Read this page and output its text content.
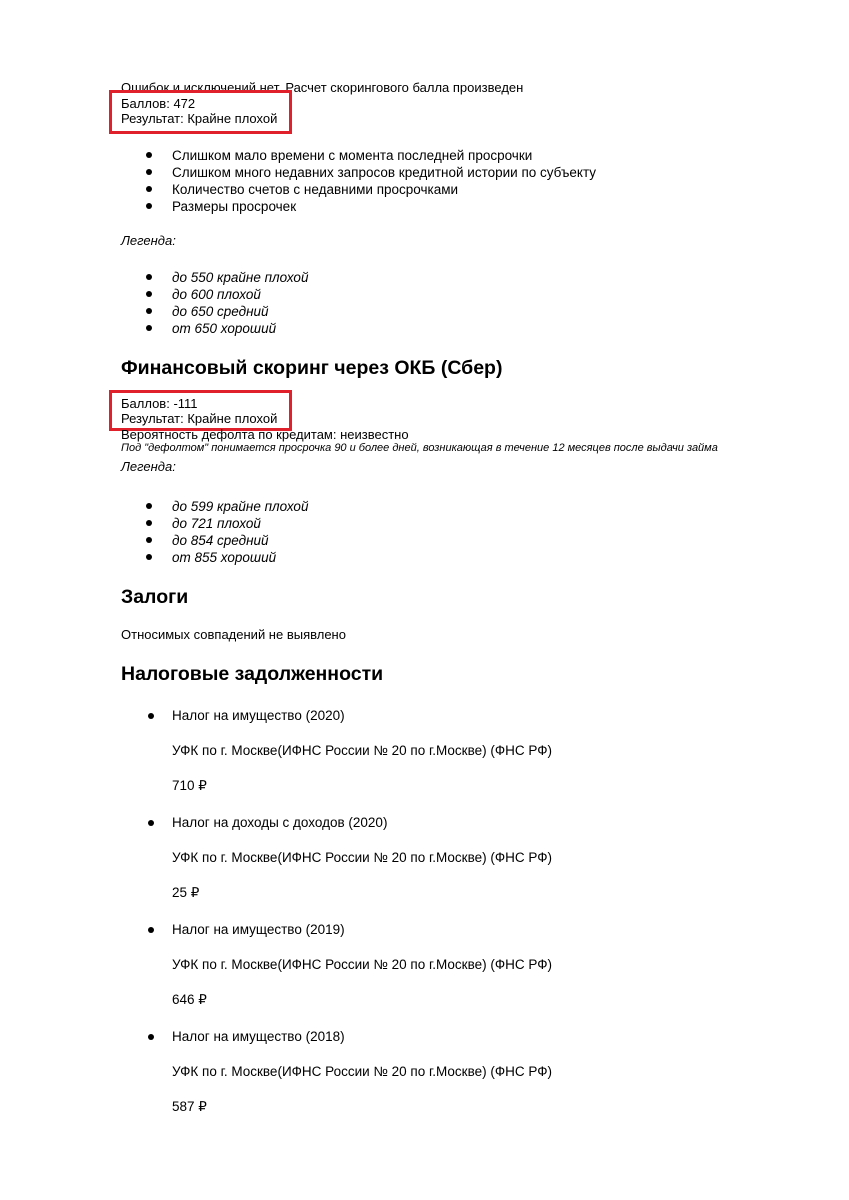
Ошибок и исключений нет. Расчет скорингового балла произведен
Баллов: 472
Результат: Крайне плохой
Слишком мало времени с момента последней просрочки
Слишком много недавних запросов кредитной истории по субъекту
Количество счетов с недавними просрочками
Размеры просрочек
Легенда:
до 550 крайне плохой
до 600 плохой
до 650 средний
от 650 хороший
Финансовый скоринг через ОКБ (Сбер)
Баллов: -111
Результат: Крайне плохой
Вероятность дефолта по кредитам: неизвестно
Под "дефолтом" понимается просрочка 90 и более дней, возникающая в течение 12 месяцев после выдачи займа
Легенда:
до 599 крайне плохой
до 721 плохой
до 854 средний
от 855 хороший
Залоги
Относимых совпадений не выявлено
Налоговые задолженности
Налог на имущество (2020)
УФК по г. Москве(ИФНС России № 20 по г.Москве) (ФНС РФ)
710 ₽
Налог на доходы с доходов (2020)
УФК по г. Москве(ИФНС России № 20 по г.Москве) (ФНС РФ)
25 ₽
Налог на имущество (2019)
УФК по г. Москве(ИФНС России № 20 по г.Москве) (ФНС РФ)
646 ₽
Налог на имущество (2018)
УФК по г. Москве(ИФНС России № 20 по г.Москве) (ФНС РФ)
587 ₽
